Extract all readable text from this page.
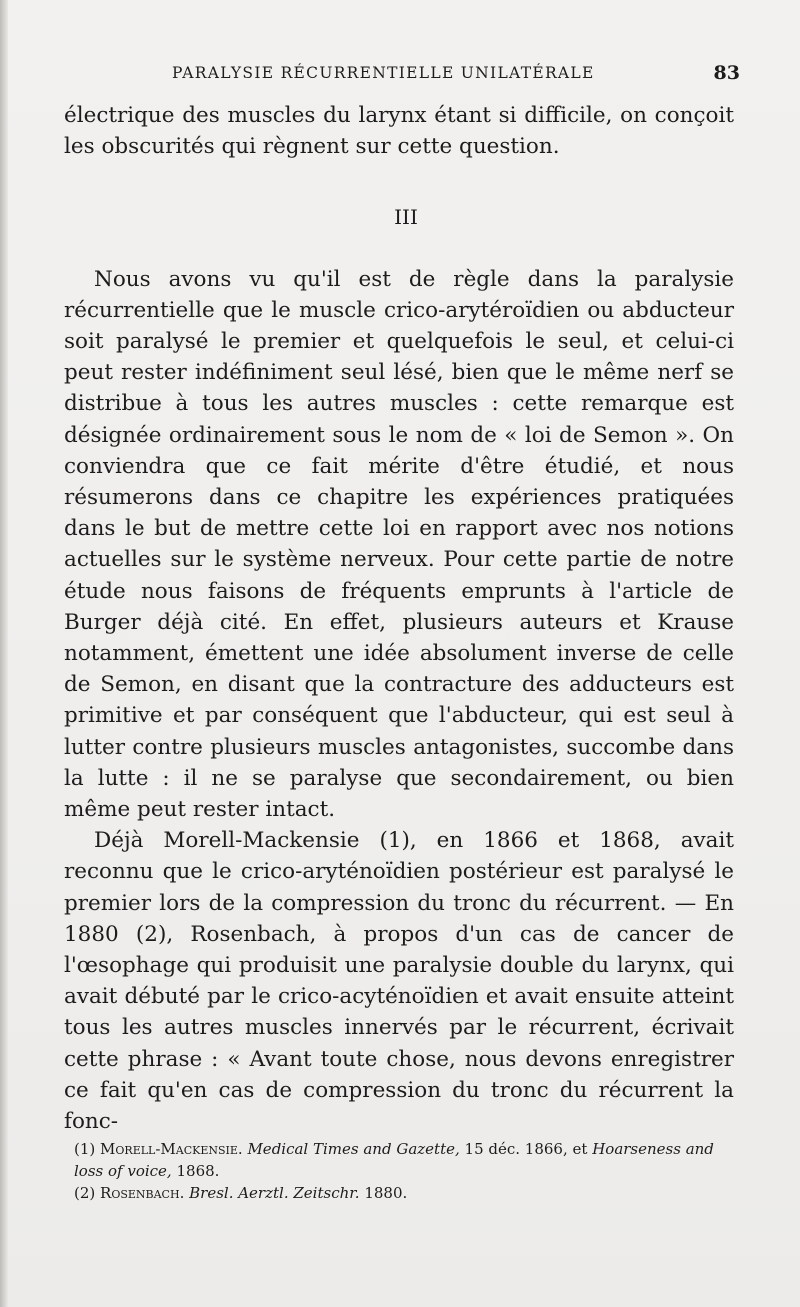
PARALYSIE RÉCURRENTIELLE UNILATÉRALE	83

électrique des muscles du larynx étant si difficile, on conçoit les obscurités qui règnent sur cette question.

III

Nous avons vu qu'il est de règle dans la paralysie récurrentielle que le muscle crico-arytéroïdien ou abducteur soit paralysé le premier et quelquefois le seul, et celui-ci peut rester indéfiniment seul lésé, bien que le même nerf se distribue à tous les autres muscles : cette remarque est désignée ordinairement sous le nom de « loi de Semon ». On conviendra que ce fait mérite d'être étudié, et nous résumerons dans ce chapitre les expériences pratiquées dans le but de mettre cette loi en rapport avec nos notions actuelles sur le système nerveux. Pour cette partie de notre étude nous faisons de fréquents emprunts à l'article de Burger déjà cité. En effet, plusieurs auteurs et Krause notamment, émettent une idée absolument inverse de celle de Semon, en disant que la contracture des adducteurs est primitive et par conséquent que l'abducteur, qui est seul à lutter contre plusieurs muscles antagonistes, succombe dans la lutte : il ne se paralyse que secondairement, ou bien même peut rester intact.

Déjà Morell-Mackensie (1), en 1866 et 1868, avait reconnu que le crico-aryténoïdien postérieur est paralysé le premier lors de la compression du tronc du récurrent. — En 1880 (2), Rosenbach, à propos d'un cas de cancer de l'œsophage qui produisit une paralysie double du larynx, qui avait débuté par le crico-acyténoïdien et avait ensuite atteint tous les autres muscles innervés par le récurrent, écrivait cette phrase : « Avant toute chose, nous devons enregistrer ce fait qu'en cas de compression du tronc du récurrent la fonc-

(1) Morell-Mackensie. Medical Times and Gazette, 15 déc. 1866, et Hoarseness and loss of voice, 1868.

(2) Rosenbach. Bresl. Aerztl. Zeitschr. 1880.
